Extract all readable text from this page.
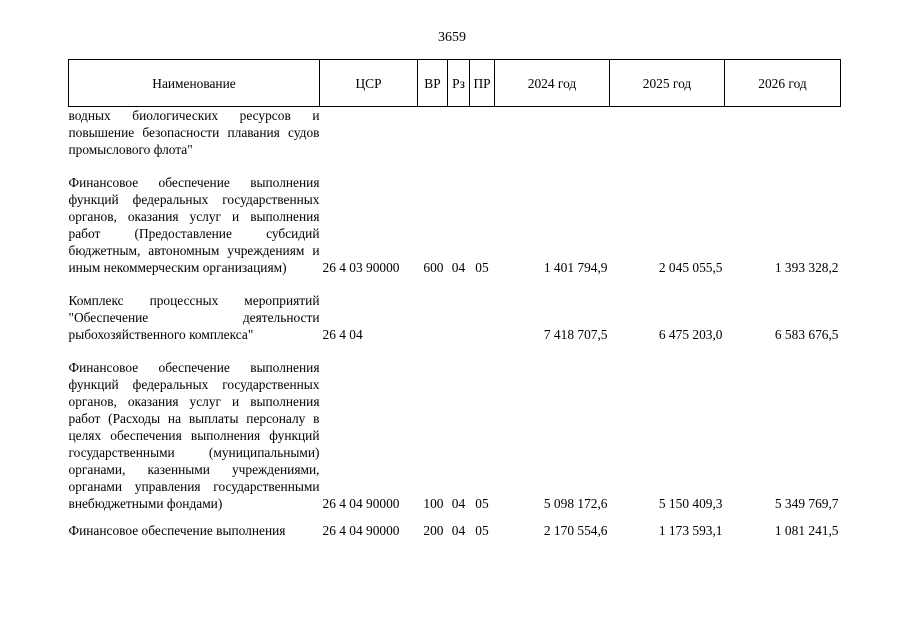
3659
Наименование	ЦСР	ВР	Рз	ПР	2024 год	2025 год	2026 год
водных биологических ресурсов и повышение безопасности плавания судов промыслового флота"							

Финансовое обеспечение выполнения функций федеральных государственных органов, оказания услуг и выполнения работ (Предоставление субсидий бюджетным, автономным учреждениям и иным некоммерческим организациям)	26 4 03 90000	600	04	05	1 401 794,9	2 045 055,5	1 393 328,2

Комплекс процессных мероприятий "Обеспечение деятельности рыбохозяйственного комплекса"	26 4 04				7 418 707,5	6 475 203,0	6 583 676,5

Финансовое обеспечение выполнения функций федеральных государственных органов, оказания услуг и выполнения работ (Расходы на выплаты персоналу в целях обеспечения выполнения функций государственными (муниципальными) органами, казенными учреждениями, органами управления государственными внебюджетными фондами)	26 4 04 90000	100	04	05	5 098 172,6	5 150 409,3	5 349 769,7

Финансовое обеспечение выполнения	26 4 04 90000	200	04	05	2 170 554,6	1 173 593,1	1 081 241,5
